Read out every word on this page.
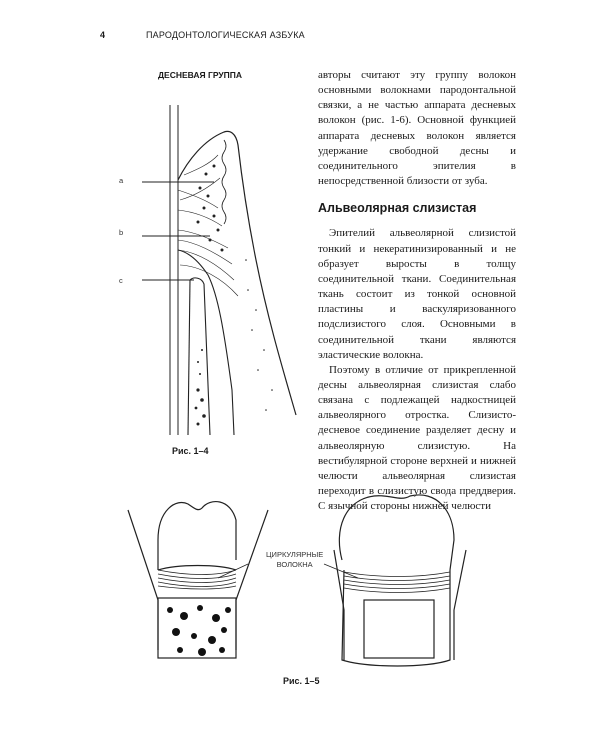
4	ПАРОДОНТОЛОГИЧЕСКАЯ АЗБУКА
ДЕСНЕВАЯ ГРУППА
a
b
c
Рис. 1–4

авторы считают эту группу волокон основными волокнами пародонтальной связки, а не частью аппарата десневых волокон (рис. 1-6). Основной функцией аппарата десневых волокон является удержание свободной десны и соединительного эпителия в непосредственной близости от зуба.

Альвеолярная слизистая

Эпителий альвеолярной слизистой тонкий и некератинизированный и не образует выросты в толщу соединительной ткани. Соединительная ткань состоит из тонкой основной пластины и васкуляризованного подслизистого слоя. Основными в соединительной ткани являются эластические волокна.

Поэтому в отличие от прикрепленной десны альвеолярная слизистая слабо связана с подлежащей надкостницей альвеолярного отростка. Слизисто-десневое соединение разделяет десну и альвеолярную слизистую. На вестибулярной стороне верхней и нижней челюсти альвеолярная слизистая переходит в слизистую свода преддверия. С язычной стороны нижней челюсти

ЦИРКУЛЯРНЫЕ
ВОЛОКНА
Рис. 1–5
